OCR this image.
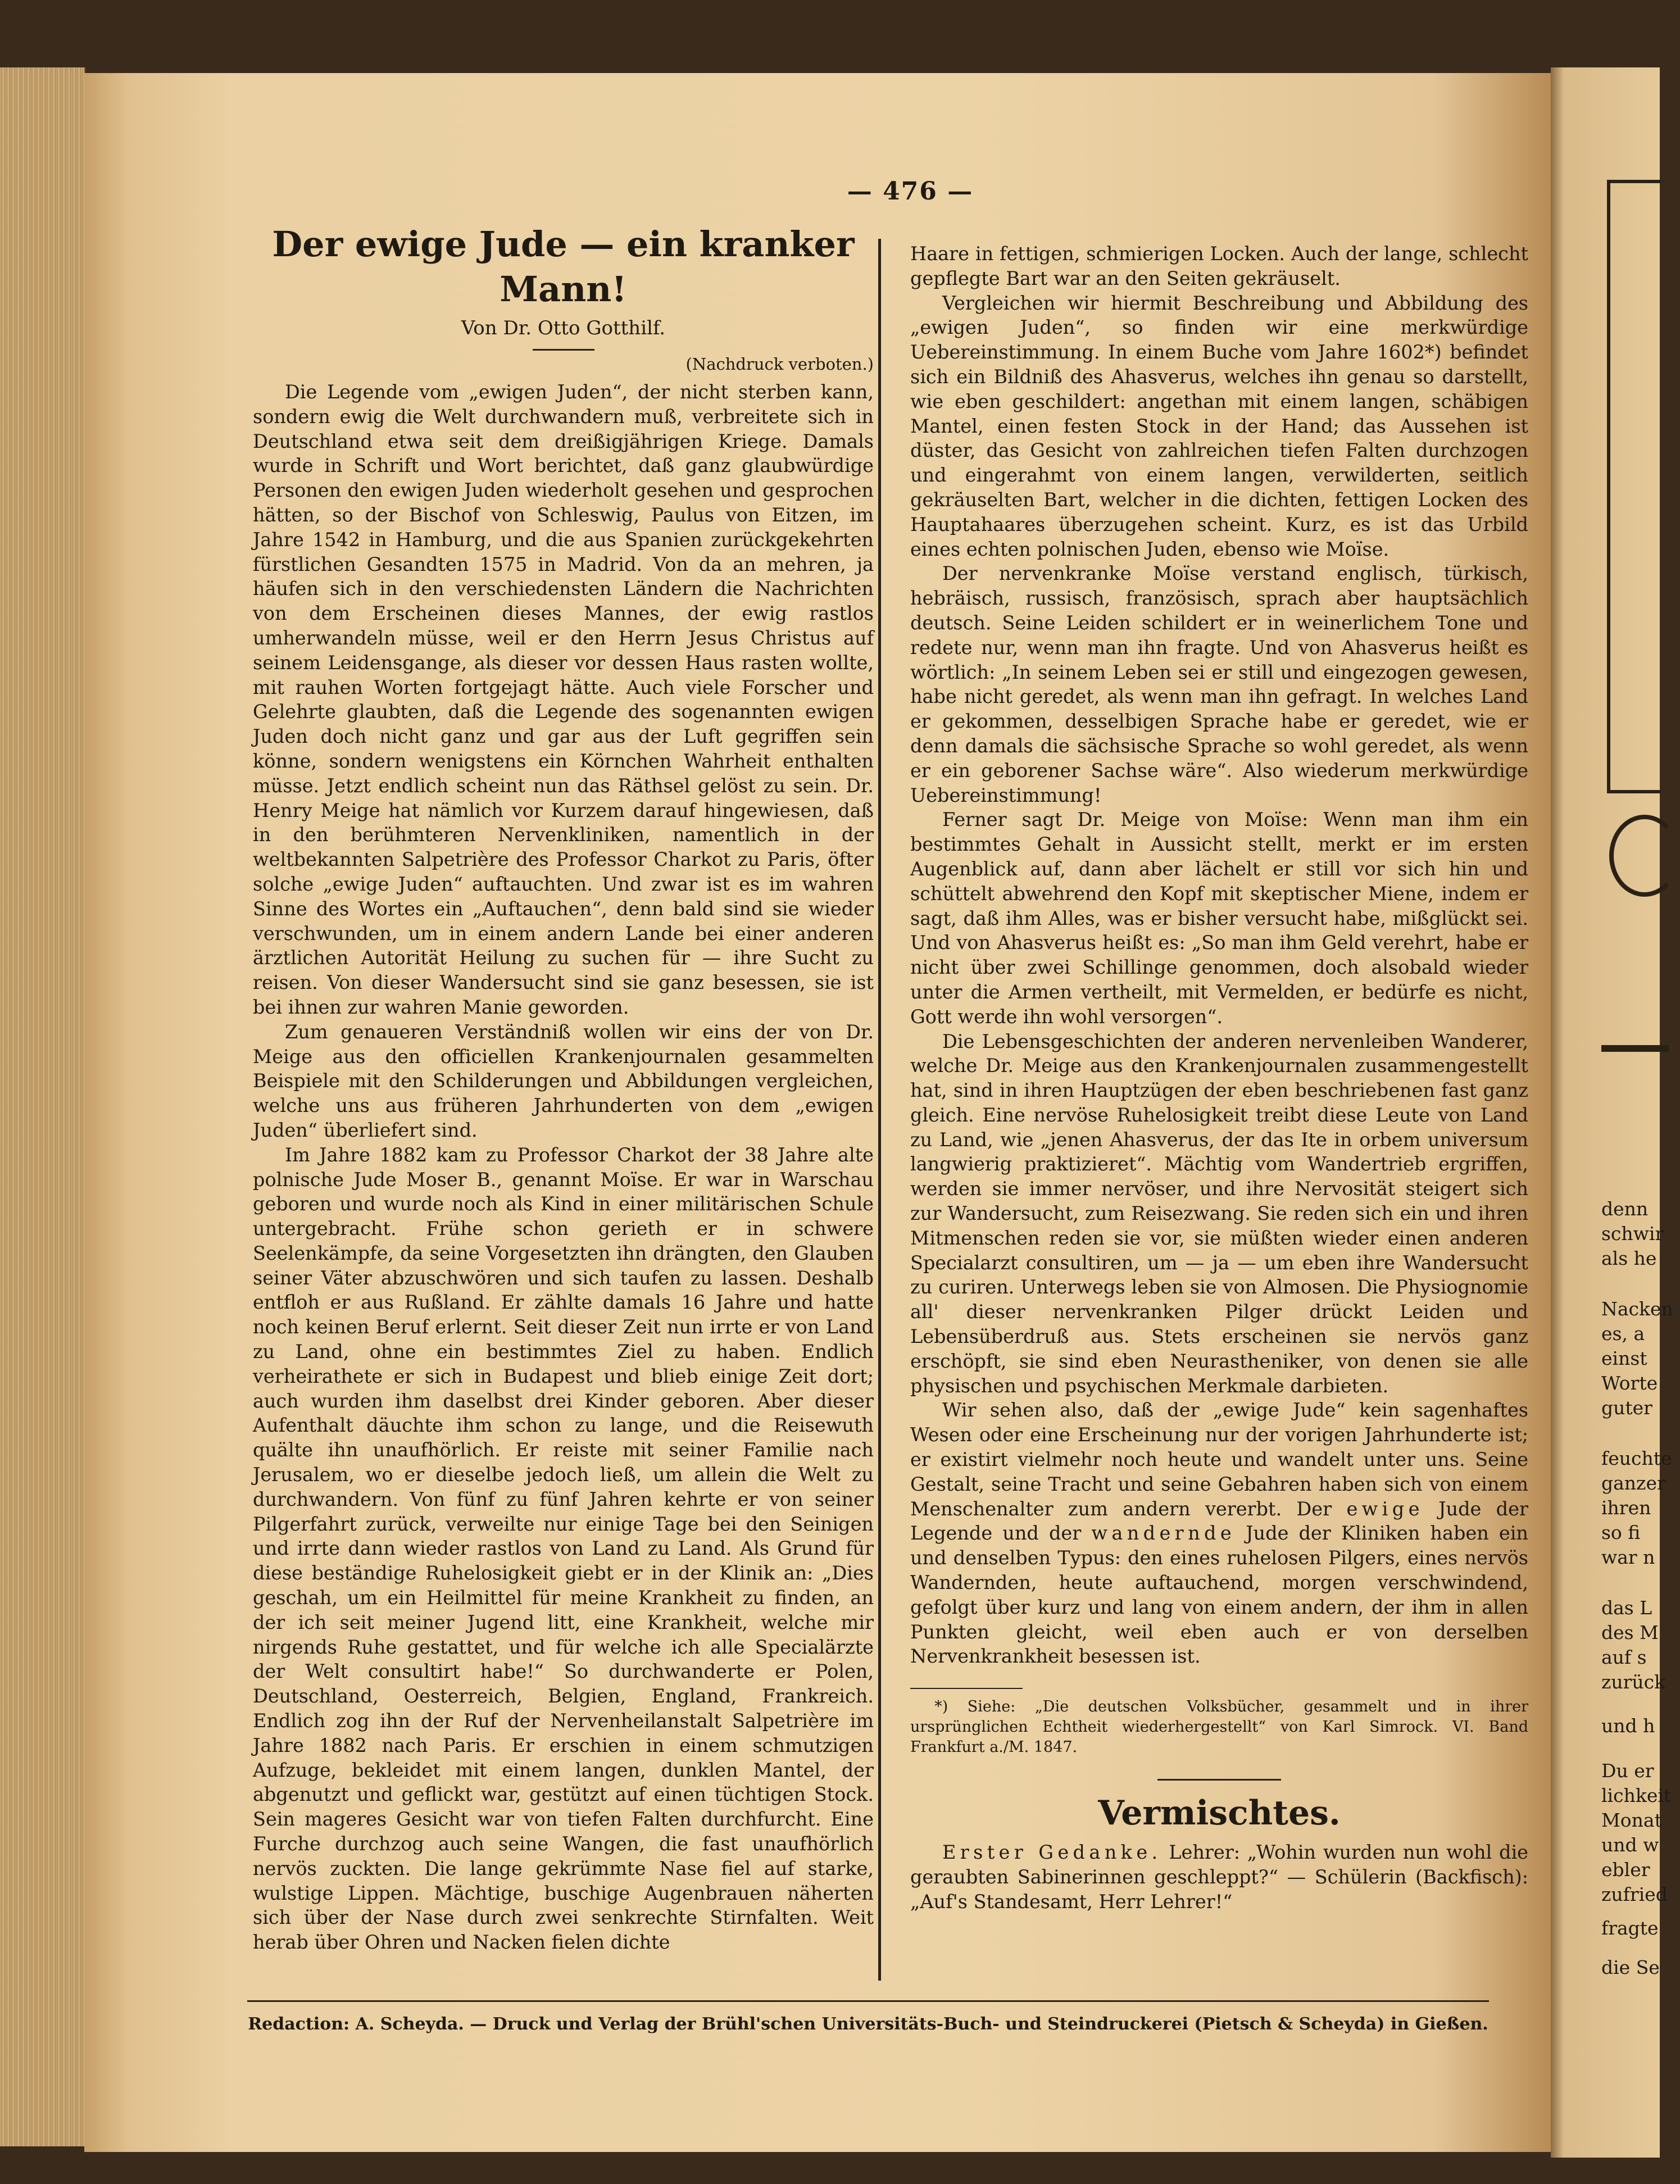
— 476 —
Der ewige Jude — ein kranker Mann!
Von Dr. Otto Gotthilf.
(Nachdruck verboten.)

Die Legende vom „ewigen Juden“, der nicht sterben kann, sondern ewig die Welt durchwandern muß, verbreitete sich in Deutschland etwa seit dem dreißigjährigen Kriege. Damals wurde in Schrift und Wort berichtet, daß ganz glaubwürdige Personen den ewigen Juden wiederholt gesehen und gesprochen hätten, so der Bischof von Schleswig, Paulus von Eitzen, im Jahre 1542 in Hamburg, und die aus Spanien zurückgekehrten fürstlichen Gesandten 1575 in Madrid. Von da an mehren, ja häufen sich in den verschiedensten Ländern die Nachrichten von dem Erscheinen dieses Mannes, der ewig rastlos umherwandeln müsse, weil er den Herrn Jesus Christus auf seinem Leidensgange, als dieser vor dessen Haus rasten wollte, mit rauhen Worten fortgejagt hätte. Auch viele Forscher und Gelehrte glaubten, daß die Legende des sogenannten ewigen Juden doch nicht ganz und gar aus der Luft gegriffen sein könne, sondern wenigstens ein Körnchen Wahrheit enthalten müsse. Jetzt endlich scheint nun das Räthsel gelöst zu sein. Dr. Henry Meige hat nämlich vor Kurzem darauf hingewiesen, daß in den berühmteren Nervenkliniken, namentlich in der weltbekannten Salpetrière des Professor Charkot zu Paris, öfter solche „ewige Juden“ auftauchten. Und zwar ist es im wahren Sinne des Wortes ein „Auftauchen“, denn bald sind sie wieder verschwunden, um in einem andern Lande bei einer anderen ärztlichen Autorität Heilung zu suchen für — ihre Sucht zu reisen. Von dieser Wandersucht sind sie ganz besessen, sie ist bei ihnen zur wahren Manie geworden.

Zum genaueren Verständniß wollen wir eins der von Dr. Meige aus den officiellen Krankenjournalen gesammelten Beispiele mit den Schilderungen und Abbildungen vergleichen, welche uns aus früheren Jahrhunderten von dem „ewigen Juden“ überliefert sind.

Im Jahre 1882 kam zu Professor Charkot der 38 Jahre alte polnische Jude Moser B., genannt Moïse. Er war in Warschau geboren und wurde noch als Kind in einer militärischen Schule untergebracht. Frühe schon gerieth er in schwere Seelenkämpfe, da seine Vorgesetzten ihn drängten, den Glauben seiner Väter abzuschwören und sich taufen zu lassen. Deshalb entfloh er aus Rußland. Er zählte damals 16 Jahre und hatte noch keinen Beruf erlernt. Seit dieser Zeit nun irrte er von Land zu Land, ohne ein bestimmtes Ziel zu haben. Endlich verheirathete er sich in Budapest und blieb einige Zeit dort; auch wurden ihm daselbst drei Kinder geboren. Aber dieser Aufenthalt däuchte ihm schon zu lange, und die Reisewuth quälte ihn unaufhörlich. Er reiste mit seiner Familie nach Jerusalem, wo er dieselbe jedoch ließ, um allein die Welt zu durchwandern. Von fünf zu fünf Jahren kehrte er von seiner Pilgerfahrt zurück, verweilte nur einige Tage bei den Seinigen und irrte dann wieder rastlos von Land zu Land. Als Grund für diese beständige Ruhelosigkeit giebt er in der Klinik an: „Dies geschah, um ein Heilmittel für meine Krankheit zu finden, an der ich seit meiner Jugend litt, eine Krankheit, welche mir nirgends Ruhe gestattet, und für welche ich alle Specialärzte der Welt consultirt habe!“ So durchwanderte er Polen, Deutschland, Oesterreich, Belgien, England, Frankreich. Endlich zog ihn der Ruf der Nervenheilanstalt Salpetrière im Jahre 1882 nach Paris. Er erschien in einem schmutzigen Aufzuge, bekleidet mit einem langen, dunklen Mantel, der abgenutzt und geflickt war, gestützt auf einen tüchtigen Stock. Sein mageres Gesicht war von tiefen Falten durchfurcht. Eine Furche durchzog auch seine Wangen, die fast unaufhörlich nervös zuckten. Die lange gekrümmte Nase fiel auf starke, wulstige Lippen. Mächtige, buschige Augenbrauen näherten sich über der Nase durch zwei senkrechte Stirnfalten. Weit herab über Ohren und Nacken fielen dichte

Haare in fettigen, schmierigen Locken. Auch der lange, schlecht gepflegte Bart war an den Seiten gekräuselt.

Vergleichen wir hiermit Beschreibung und Abbildung des „ewigen Juden“, so finden wir eine merkwürdige Uebereinstimmung. In einem Buche vom Jahre 1602*) befindet sich ein Bildniß des Ahasverus, welches ihn genau so darstellt, wie eben geschildert: angethan mit einem langen, schäbigen Mantel, einen festen Stock in der Hand; das Aussehen ist düster, das Gesicht von zahlreichen tiefen Falten durchzogen und eingerahmt von einem langen, verwilderten, seitlich gekräuselten Bart, welcher in die dichten, fettigen Locken des Hauptahaares überzugehen scheint. Kurz, es ist das Urbild eines echten polnischen Juden, ebenso wie Moïse.

Der nervenkranke Moïse verstand englisch, türkisch, hebräisch, russisch, französisch, sprach aber hauptsächlich deutsch. Seine Leiden schildert er in weinerlichem Tone und redete nur, wenn man ihn fragte. Und von Ahasverus heißt es wörtlich: „In seinem Leben sei er still und eingezogen gewesen, habe nicht geredet, als wenn man ihn gefragt. In welches Land er gekommen, desselbigen Sprache habe er geredet, wie er denn damals die sächsische Sprache so wohl geredet, als wenn er ein geborener Sachse wäre“. Also wiederum merkwürdige Uebereinstimmung!

Ferner sagt Dr. Meige von Moïse: Wenn man ihm ein bestimmtes Gehalt in Aussicht stellt, merkt er im ersten Augenblick auf, dann aber lächelt er still vor sich hin und schüttelt abwehrend den Kopf mit skeptischer Miene, indem er sagt, daß ihm Alles, was er bisher versucht habe, mißglückt sei. Und von Ahasverus heißt es: „So man ihm Geld verehrt, habe er nicht über zwei Schillinge genommen, doch alsobald wieder unter die Armen vertheilt, mit Vermelden, er bedürfe es nicht, Gott werde ihn wohl versorgen“.

Die Lebensgeschichten der anderen nervenleiben Wanderer, welche Dr. Meige aus den Krankenjournalen zusammengestellt hat, sind in ihren Hauptzügen der eben beschriebenen fast ganz gleich. Eine nervöse Ruhelosigkeit treibt diese Leute von Land zu Land, wie „jenen Ahasverus, der das Ite in orbem universum langwierig praktizieret“. Mächtig vom Wandertrieb ergriffen, werden sie immer nervöser, und ihre Nervosität steigert sich zur Wandersucht, zum Reisezwang. Sie reden sich ein und ihren Mitmenschen reden sie vor, sie müßten wieder einen anderen Specialarzt consultiren, um — ja — um eben ihre Wandersucht zu curiren. Unterwegs leben sie von Almosen. Die Physiognomie all' dieser nervenkranken Pilger drückt Leiden und Lebensüberdruß aus. Stets erscheinen sie nervös ganz erschöpft, sie sind eben Neurasthеniker, von denen sie alle physischen und psychischen Merkmale darbieten.

Wir sehen also, daß der „ewige Jude“ kein sagenhaftes Wesen oder eine Erscheinung nur der vorigen Jahrhunderte ist; er existirt vielmehr noch heute und wandelt unter uns. Seine Gestalt, seine Tracht und seine Gebahren haben sich von einem Menschenalter zum andern vererbt. Der ewige Jude der Legende und der wandernde Jude der Kliniken haben ein und denselben Typus: den eines ruhelosen Pilgers, eines nervös Wandernden, heute auftauchend, morgen verschwindend, gefolgt über kurz und lang von einem andern, der ihm in allen Punkten gleicht, weil eben auch er von derselben Nervenkrankheit besessen ist.

*) Siehe: „Die deutschen Volksbücher, gesammelt und in ihrer ursprünglichen Echtheit wiederhergestellt“ von Karl Simrock. VI. Band Frankfurt a./M. 1847.
Vermischtes.

Erster Gedanke. Lehrer: „Wohin wurden nun wohl die geraubten Sabinerinnen geschleppt?“ — Schülerin (Backfisch): „Auf's Standesamt, Herr Lehrer!“

Redaction: A. Scheyda. — Druck und Verlag der Brühl'schen Universitäts-Buch- und Steindruckerei (Pietsch & Scheyda) in Gießen.
denn
schwir
als he
Nacken
es, a
einst
Worte
guter
feuchte
ganzer
ihren
so fi
war n
das L
des M
auf s
zurück
und h
Du er
lichkeit
Monat
und w
ebler
zufried
fragte
die Se
